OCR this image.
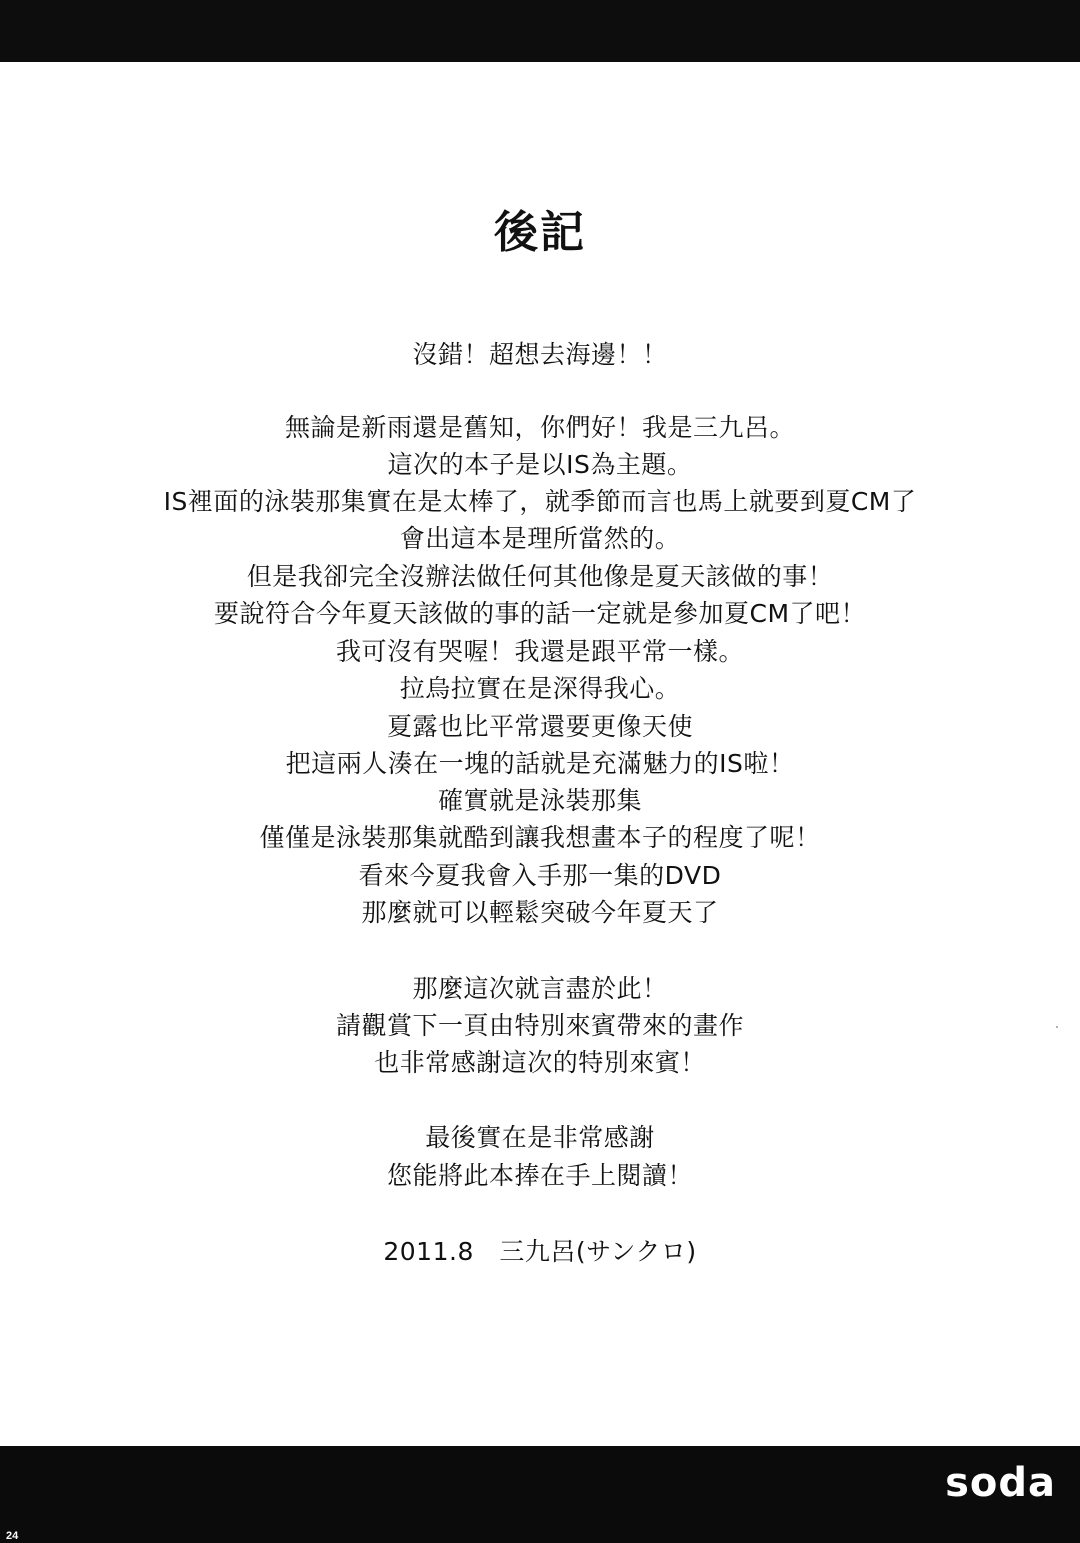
後記
沒錯！超想去海邊！！
無論是新雨還是舊知，你們好！我是三九呂。
這次的本子是以IS為主題。
IS裡面的泳裝那集實在是太棒了，就季節而言也馬上就要到夏CM了
會出這本是理所當然的。
但是我卻完全沒辦法做任何其他像是夏天該做的事！
要說符合今年夏天該做的事的話一定就是參加夏CM了吧！
我可沒有哭喔！我還是跟平常一樣。
拉烏拉實在是深得我心。
夏露也比平常還要更像天使
把這兩人湊在一塊的話就是充滿魅力的IS啦！
確實就是泳裝那集
僅僅是泳裝那集就酷到讓我想畫本子的程度了呢！
看來今夏我會入手那一集的DVD
那麼就可以輕鬆突破今年夏天了
那麼這次就言盡於此！
請觀賞下一頁由特別來賓帶來的畫作
也非常感謝這次的特別來賓！
最後實在是非常感謝
您能將此本捧在手上閱讀！
2011.8　三九呂(サンクロ)
soda
24
